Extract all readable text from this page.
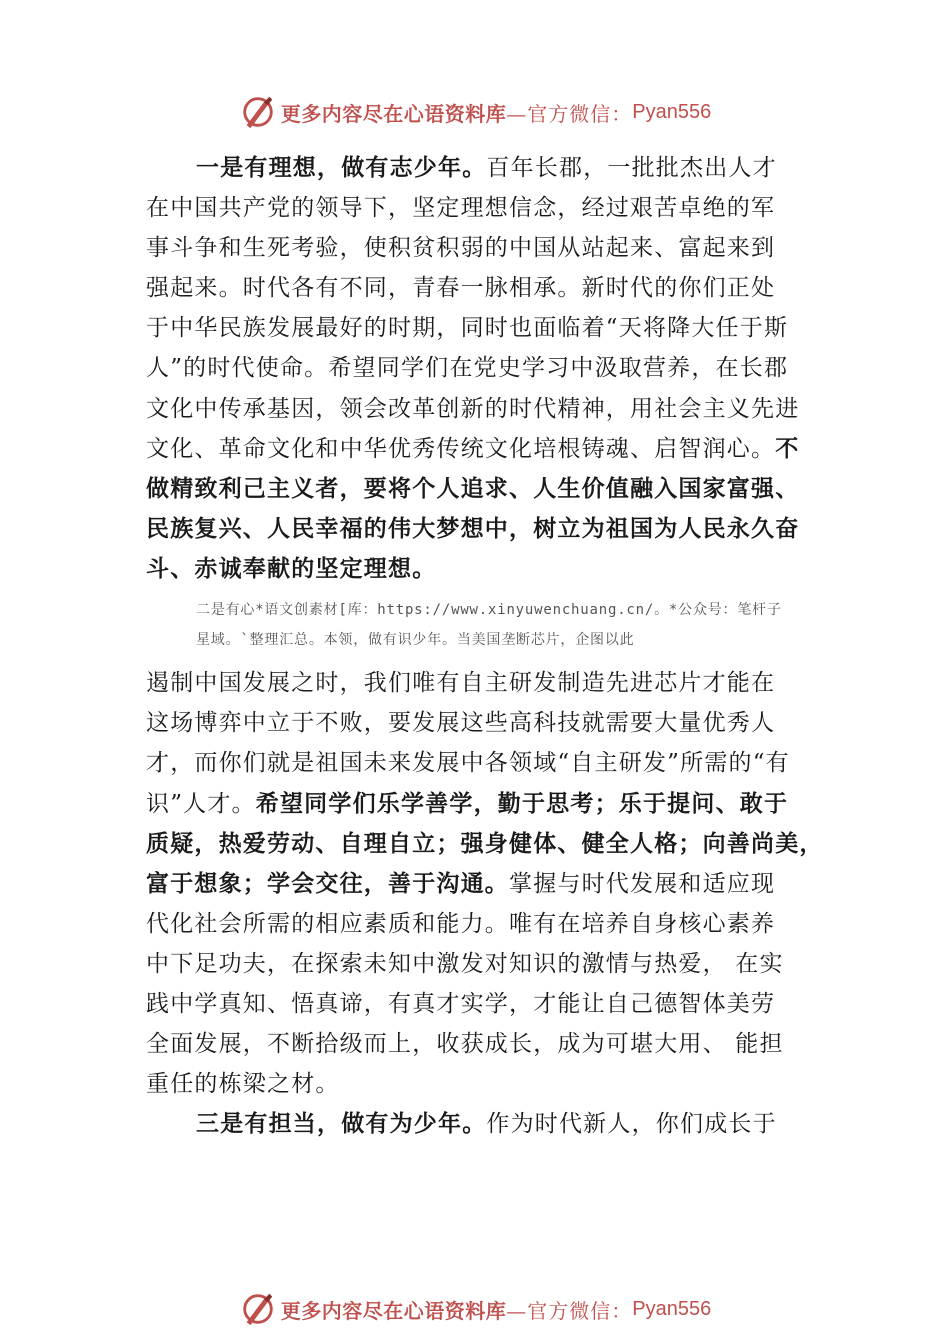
更多内容尽在心语资料库 —官方微信： Pyan556
一是有理想，做有志少年。百年长郡，一批批杰出人才
在中国共产党的领导下，坚定理想信念，经过艰苦卓绝的军
事斗争和生死考验，使积贫积弱的中国从站起来、富起来到
强起来。时代各有不同，青春一脉相承。新时代的你们正处
于中华民族发展最好的时期，同时也面临着“天将降大任于斯
人”的时代使命。希望同学们在党史学习中汲取营养，在长郡
文化中传承基因，领会改革创新的时代精神，用社会主义先进
文化、革命文化和中华优秀传统文化培根铸魂、启智润心。不
做精致利己主义者，要将个人追求、人生价值融入国家富强、
民族复兴、人民幸福的伟大梦想中，树立为祖国为人民永久奋
斗、赤诚奉献的坚定理想。
二是有心*语文创素材[库：https://www.xinyuwenchuang.cn/。*公众号：笔杆子
星域。`整理汇总。本领，做有识少年。当美国垄断芯片，企图以此
遏制中国发展之时，我们唯有自主研发制造先进芯片才能在
这场博弈中立于不败，要发展这些高科技就需要大量优秀人
才，而你们就是祖国未来发展中各领域“自主研发”所需的“有
识”人才。希望同学们乐学善学，勤于思考；乐于提问、敢于
质疑，热爱劳动、自理自立；强身健体、健全人格；向善尚美，
富于想象；学会交往，善于沟通。掌握与时代发展和适应现
代化社会所需的相应素质和能力。唯有在培养自身核心素养
中下足功夫，在探索未知中激发对知识的激情与热爱， 在实
践中学真知、悟真谛，有真才实学，才能让自己德智体美劳
全面发展，不断拾级而上，收获成长，成为可堪大用、 能担
重任的栋梁之材。
三是有担当，做有为少年。作为时代新人，你们成长于
更多内容尽在心语资料库 —官方微信： Pyan556
